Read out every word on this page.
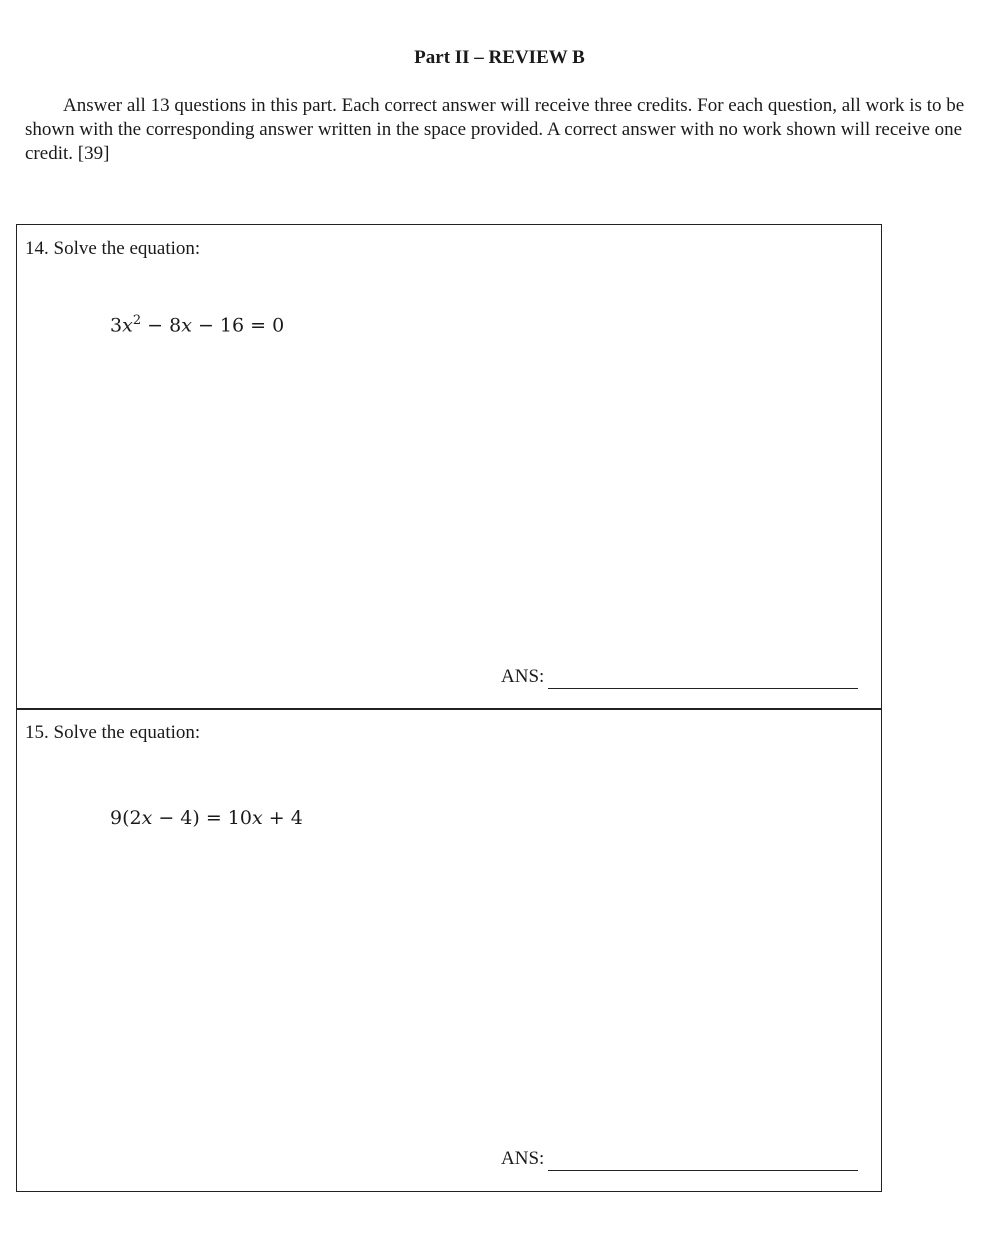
Part II – REVIEW B

Answer all 13 questions in this part. Each correct answer will receive three credits. For each question, all work is to be shown with the corresponding answer written in the space provided. A correct answer with no work shown will receive one credit. [39]

14. Solve the equation:
$3x^2 - 8x - 16 = 0$
ANS:
15. Solve the equation:
9(2x − 4) = 10x + 4
ANS:
